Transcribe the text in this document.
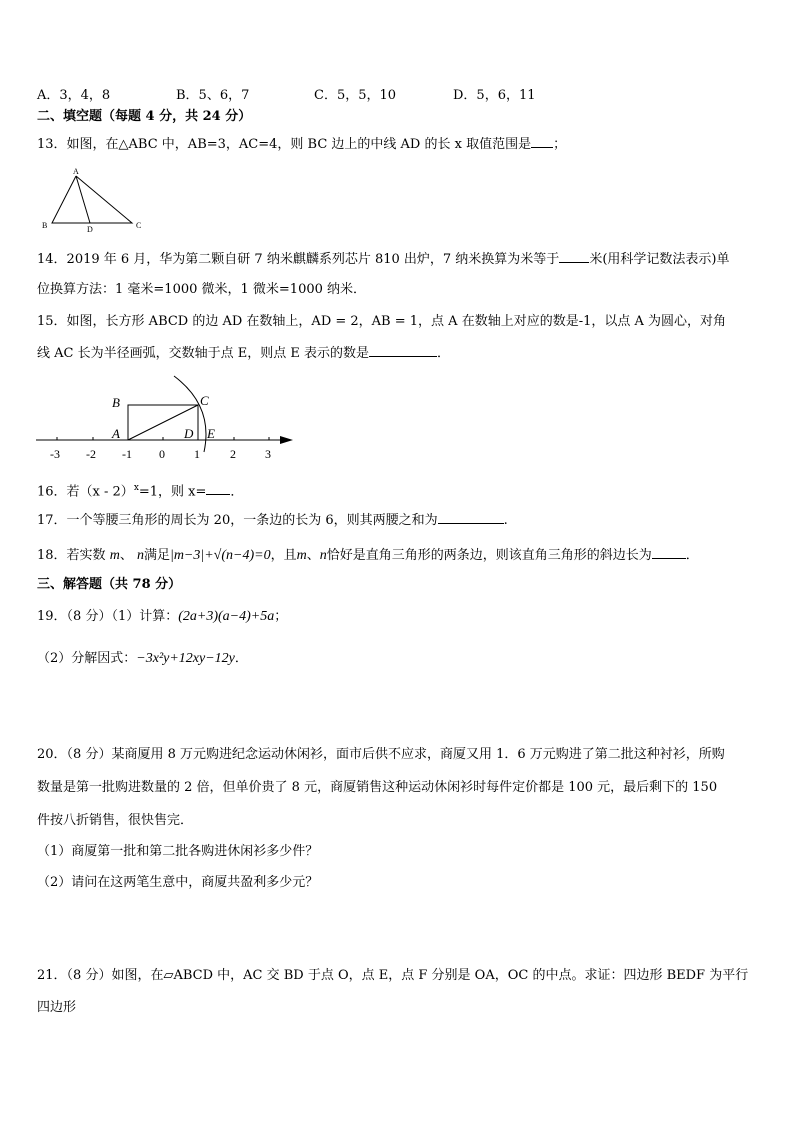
A．3，4，8	B．5、6，7	C．5，5，10	D．5，6，11
二、填空题（每题 4 分，共 24 分）
13．如图，在△ABC 中，AB=3，AC=4，则 BC 边上的中线 AD 的长 x 取值范围是 ；
A
B	C
D
14．2019 年 6 月，华为第二颗自研 7 纳米麒麟系列芯片 810 出炉，7 纳米换算为米等于 米(用科学记数法表示)单
位换算方法：1 毫米=1000 微米，1 微米=1000 纳米．
15．如图，长方形 ABCD 的边 AD 在数轴上，AD = 2，AB = 1，点 A 在数轴上对应的数是-1，以点 A 为圆心，对角
线 AC 长为半径画弧，交数轴于点 E，则点 E 表示的数是	．
B	C
A	D E
-3 -2 -1 0 1	2 3
16．若（x - 2）$^x$=1，则 x= ．
17．一个等腰三角形的周长为 20，一条边的长为 6，则其两腰之和为	.
18．若实数 m、 n满足|m−3|+√(n−4)=0，且m、n恰好是直角三角形的两条边，则该直角三角形的斜边长为	．
三、解答题（共 78 分）
19．（8 分）（1）计算：(2a+3)(a−4)+5a；
（2）分解因式：−3x²y+12xy−12y．
20．（8 分）某商厦用 8 万元购进纪念运动休闲衫，面市后供不应求，商厦又用 1．6 万元购进了第二批这种衬衫，所购
数量是第一批购进数量的 2 倍，但单价贵了 8 元，商厦销售这种运动休闲衫时每件定价都是 100 元，最后剩下的 150
件按八折销售，很快售完．
（1）商厦第一批和第二批各购进休闲衫多少件？
（2）请问在这两笔生意中，商厦共盈利多少元？
21．（8 分）如图，在▱ABCD 中，AC 交 BD 于点 O，点 E，点 F 分别是 OA，OC 的中点。求证：四边形 BEDF 为平行
四边形
